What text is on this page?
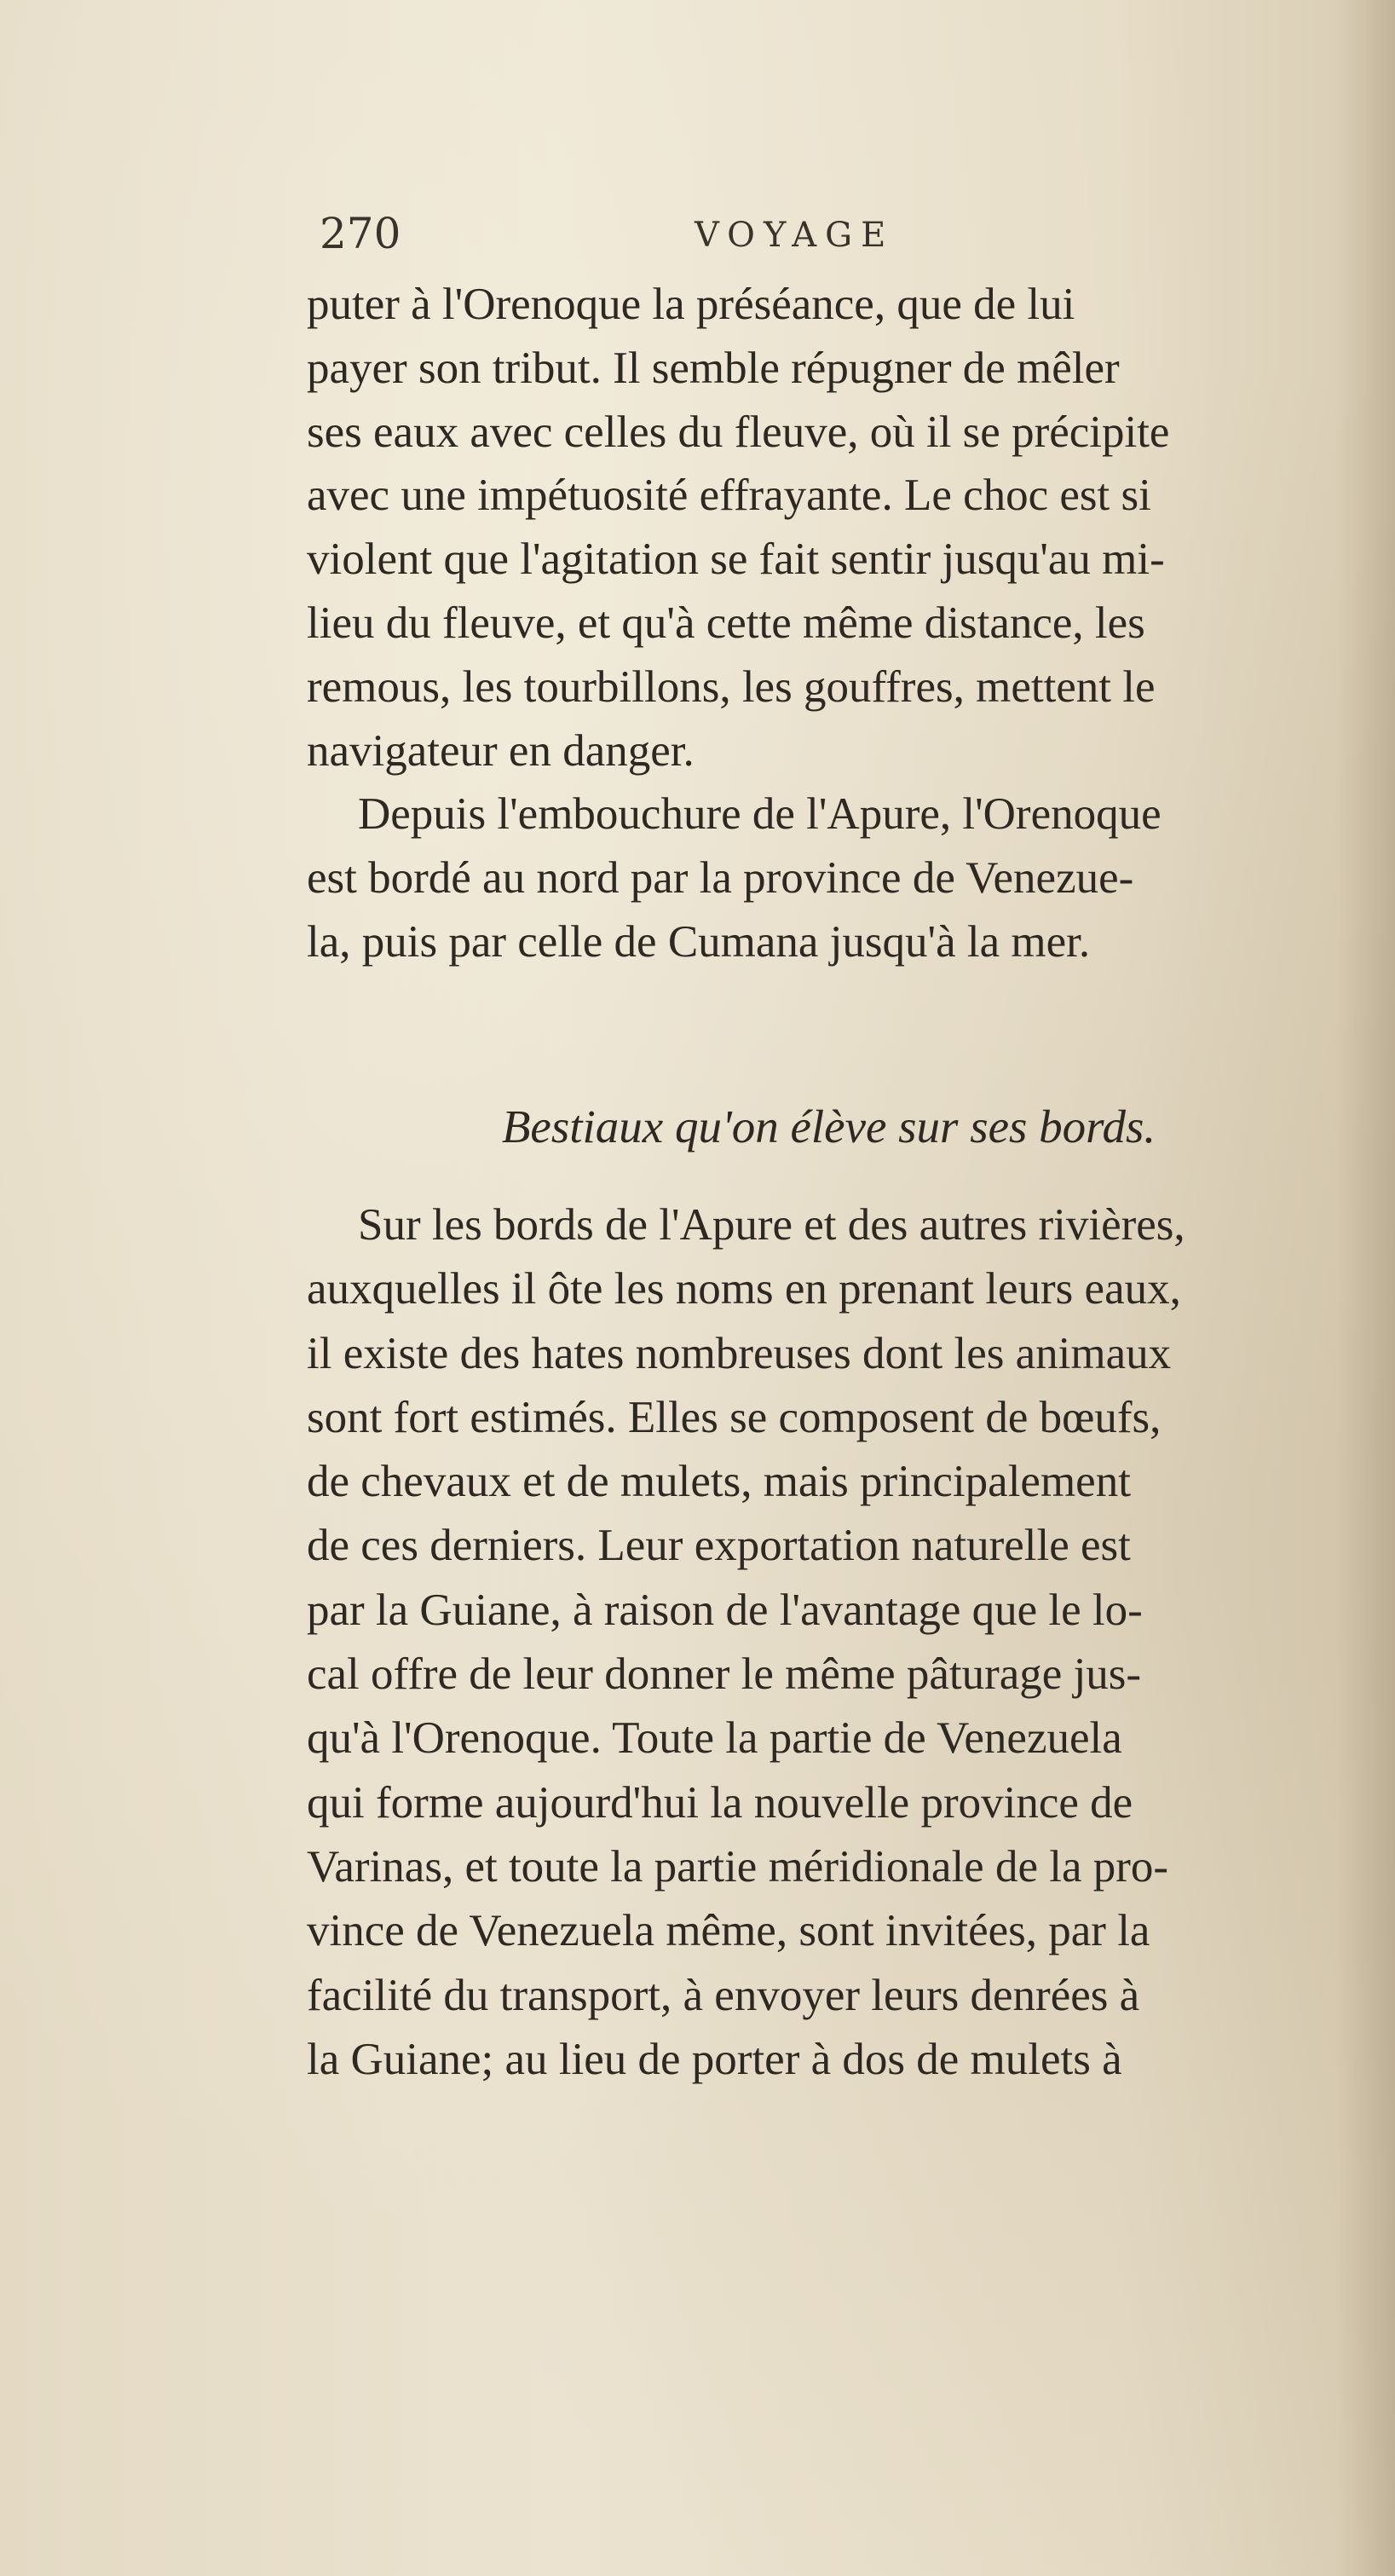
270	VOYAGE
puter à l'Orenoque la préséance, que de lui
payer son tribut. Il semble répugner de mêler
ses eaux avec celles du fleuve, où il se précipite
avec une impétuosité effrayante. Le choc est si
violent que l'agitation se fait sentir jusqu'au mi-
lieu du fleuve, et qu'à cette même distance, les
remous, les tourbillons, les gouffres, mettent le
navigateur en danger.
Depuis l'embouchure de l'Apure, l'Orenoque
est bordé au nord par la province de Venezue-
la, puis par celle de Cumana jusqu'à la mer.
Bestiaux qu'on élève sur ses bords.
Sur les bords de l'Apure et des autres rivières,
auxquelles il ôte les noms en prenant leurs eaux,
il existe des hates nombreuses dont les animaux
sont fort estimés. Elles se composent de bœufs,
de chevaux et de mulets, mais principalement
de ces derniers. Leur exportation naturelle est
par la Guiane, à raison de l'avantage que le lo-
cal offre de leur donner le même pâturage jus-
qu'à l'Orenoque. Toute la partie de Venezuela
qui forme aujourd'hui la nouvelle province de
Varinas, et toute la partie méridionale de la pro-
vince de Venezuela même, sont invitées, par la
facilité du transport, à envoyer leurs denrées à
la Guiane; au lieu de porter à dos de mulets à
